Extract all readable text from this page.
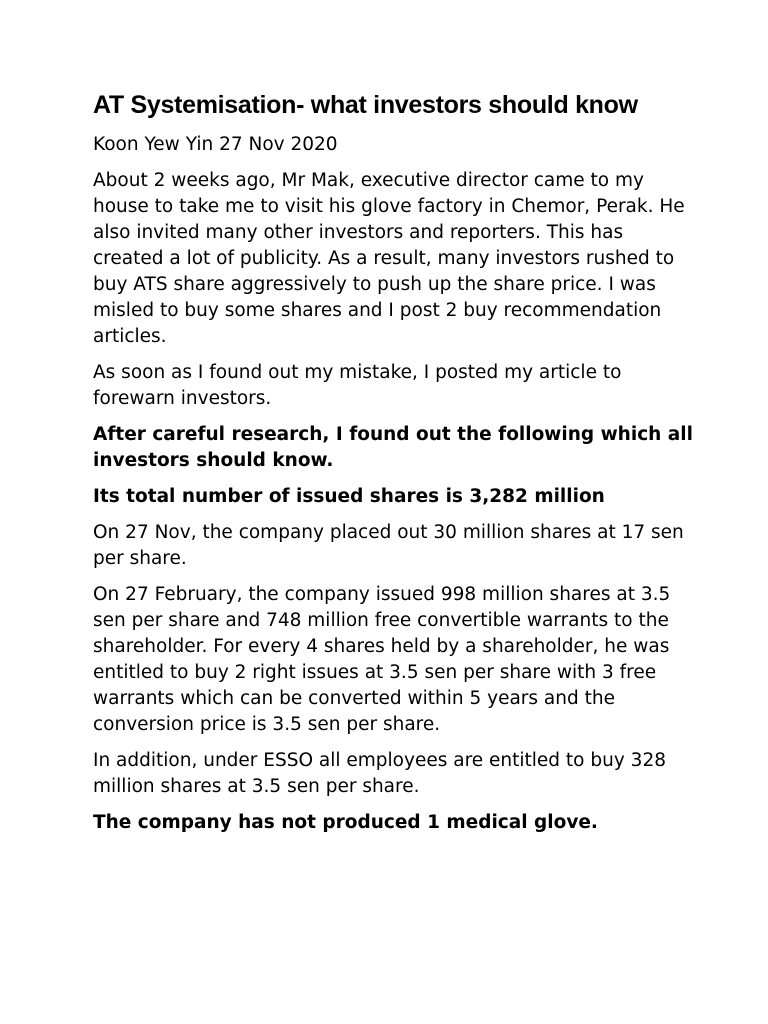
AT Systemisation- what investors should know

Koon Yew Yin 27 Nov 2020

About 2 weeks ago, Mr Mak, executive director came to my house to take me to visit his glove factory in Chemor, Perak. He also invited many other investors and reporters. This has created a lot of publicity. As a result, many investors rushed to buy ATS share aggressively to push up the share price. I was misled to buy some shares and I post 2 buy recommendation articles.

As soon as I found out my mistake, I posted my article to forewarn investors.

After careful research, I found out the following which all investors should know.

Its total number of issued shares is 3,282 million

On 27 Nov, the company placed out 30 million shares at 17 sen per share.

On 27 February, the company issued 998 million shares at 3.5 sen per share and 748 million free convertible warrants to the shareholder. For every 4 shares held by a shareholder, he was entitled to buy 2 right issues at 3.5 sen per share with 3 free warrants which can be converted within 5 years and the conversion price is 3.5 sen per share.

In addition, under ESSO all employees are entitled to buy 328 million shares at 3.5 sen per share.

The company has not produced 1 medical glove.
